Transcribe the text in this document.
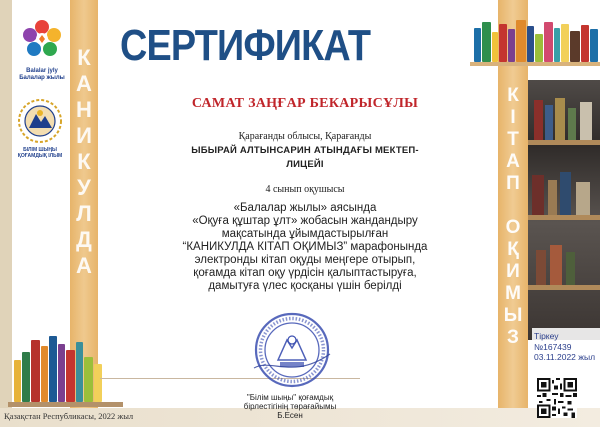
К
А
Н
И
К
У
Л
Д
А
К
І
Т
А
П

О
Қ
И
М
Ы
З
Balalar jyly
Балалар жылы
БІЛІМ ШЫҢЫ
ҚОҒАМДЫҚ ІЛЫМ
СЕРТИФИКАТ
САМАТ ЗАҢҒАР БЕКАРЫСҰЛЫ
Қарағанды облысы, Қарағанды
ЫБЫРАЙ АЛТЫНСАРИН АТЫНДАҒЫ МЕКТЕП-
ЛИЦЕЙІ
4 сынып оқушысы
«Балалар жылы» аясында
«Оқуға құштар ұлт» жобасын жандандыру
мақсатында ұйымдастырылған
“КАНИКУЛДА КІТАП ОҚИМЫЗ” марафонында
электронды кітап оқуды меңгере отырып,
қоғамда кітап оқу үрдісін қалыптастыруға,
дамытуға үлес қосқаны үшін берілді
"Білім шыңы" қоғамдық
бірлестігінің төрағайымы
Б.Есен
Қазақстан Республикасы, 2022 жыл
Тіркеу
№167439
03.11.2022 жыл
